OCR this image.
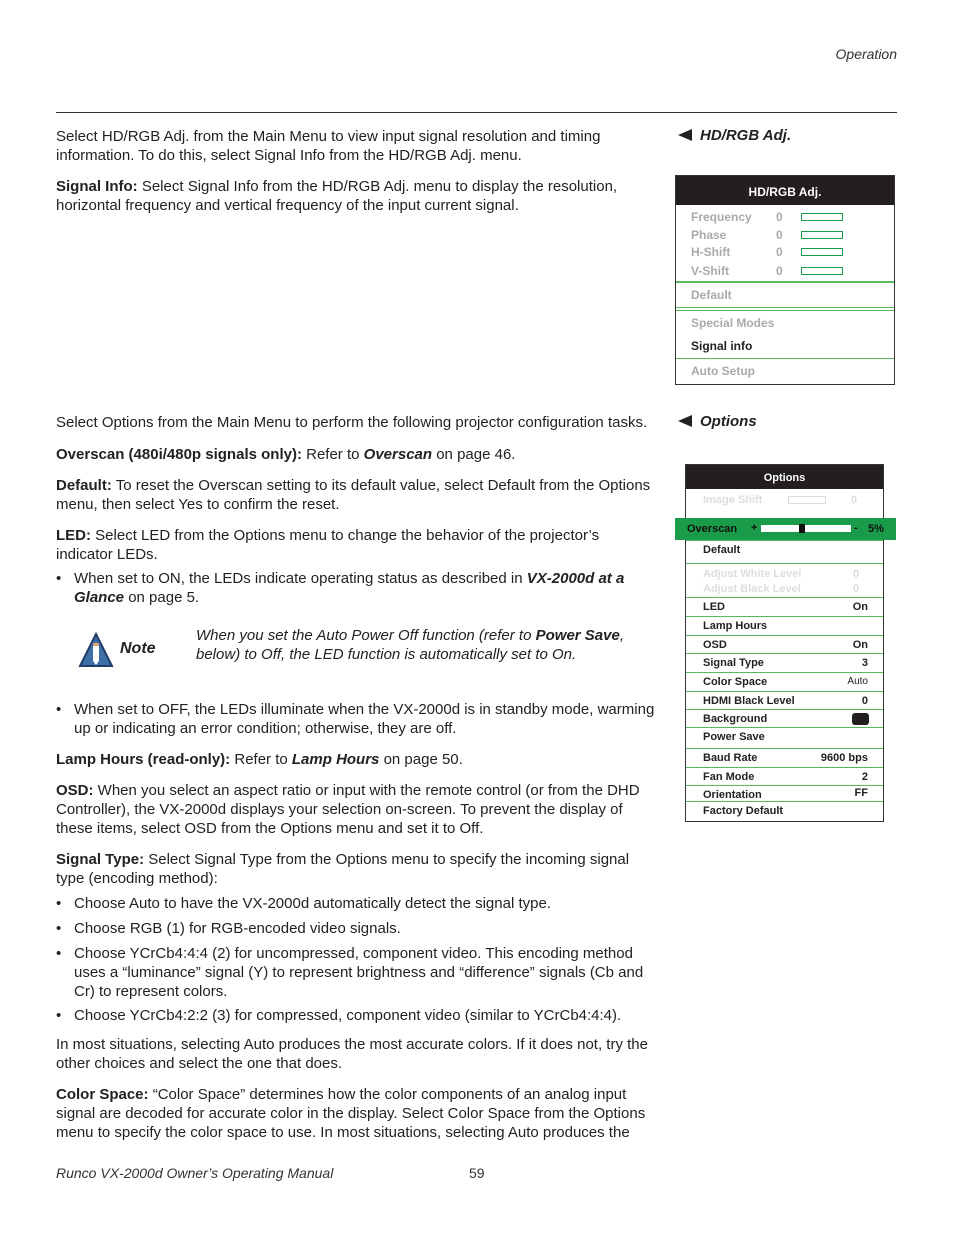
Operation

Select HD/RGB Adj. from the Main Menu to view input signal resolution and timing information. To do this, select Signal Info from the HD/RGB Adj. menu.

Signal Info: Select Signal Info from the HD/RGB Adj. menu to display the resolution, horizontal frequency and vertical frequency of the input current signal.

HD/RGB Adj.
HD/RGB Adj.
Frequency 0
Phase	0
H-Shift	0
V-Shift	0
Default
Special Modes
Signal info
Auto Setup

Select Options from the Main Menu to perform the following projector configuration tasks.	Options

Overscan (480i/480p signals only): Refer to Overscan on page 46.

Default: To reset the Overscan setting to its default value, select Default from the Options menu, then select Yes to confirm the reset.

LED: Select LED from the Options menu to change the behavior of the projector’s indicator LEDs.

• When set to ON, the LEDs indicate operating status as described in VX-2000d at a Glance on page 5.

Note
When you set the Auto Power Off function (refer to Power Save, below) to Off, the LED function is automatically set to On.
• When set to OFF, the LEDs illuminate when the VX-2000d is in standby mode, warming up or indicating an error condition; otherwise, they are off.

Lamp Hours (read-only): Refer to Lamp Hours on page 50.

OSD: When you select an aspect ratio or input with the remote control (or from the DHD Controller), the VX-2000d displays your selection on-screen. To prevent the display of these items, select OSD from the Options menu and set it to Off.

Signal Type: Select Signal Type from the Options menu to specify the incoming signal type (encoding method):

• Choose Auto to have the VX-2000d automatically detect the signal type.

• Choose RGB (1) for RGB-encoded video signals.

• Choose YCrCb4:4:4 (2) for uncompressed, component video. This encoding method uses a “luminance” signal (Y) to represent brightness and “difference” signals (Cb and Cr) to represent colors.

• Choose YCrCb4:2:2 (3) for compressed, component video (similar to YCrCb4:4:4).

In most situations, selecting Auto produces the most accurate colors. If it does not, try the other choices and select the one that does.

Color Space: “Color Space” determines how the color components of an analog input signal are decoded for accurate color in the display. Select Color Space from the Options menu to specify the color space to use. In most situations, selecting Auto produces the

Options
Image Shift	0
Default
Adjust White Level	0
Adjust Black Level	0
LED	On
Lamp Hours
OSD	On
Signal Type	3
Color Space	Auto
HDMI Black Level	0
Background
Power Save
Baud Rate	9600 bps
Fan Mode	2
Orientation	FF
Factory Default
Overscan +	- 5%
Runco VX-2000d Owner’s Operating Manual	59
